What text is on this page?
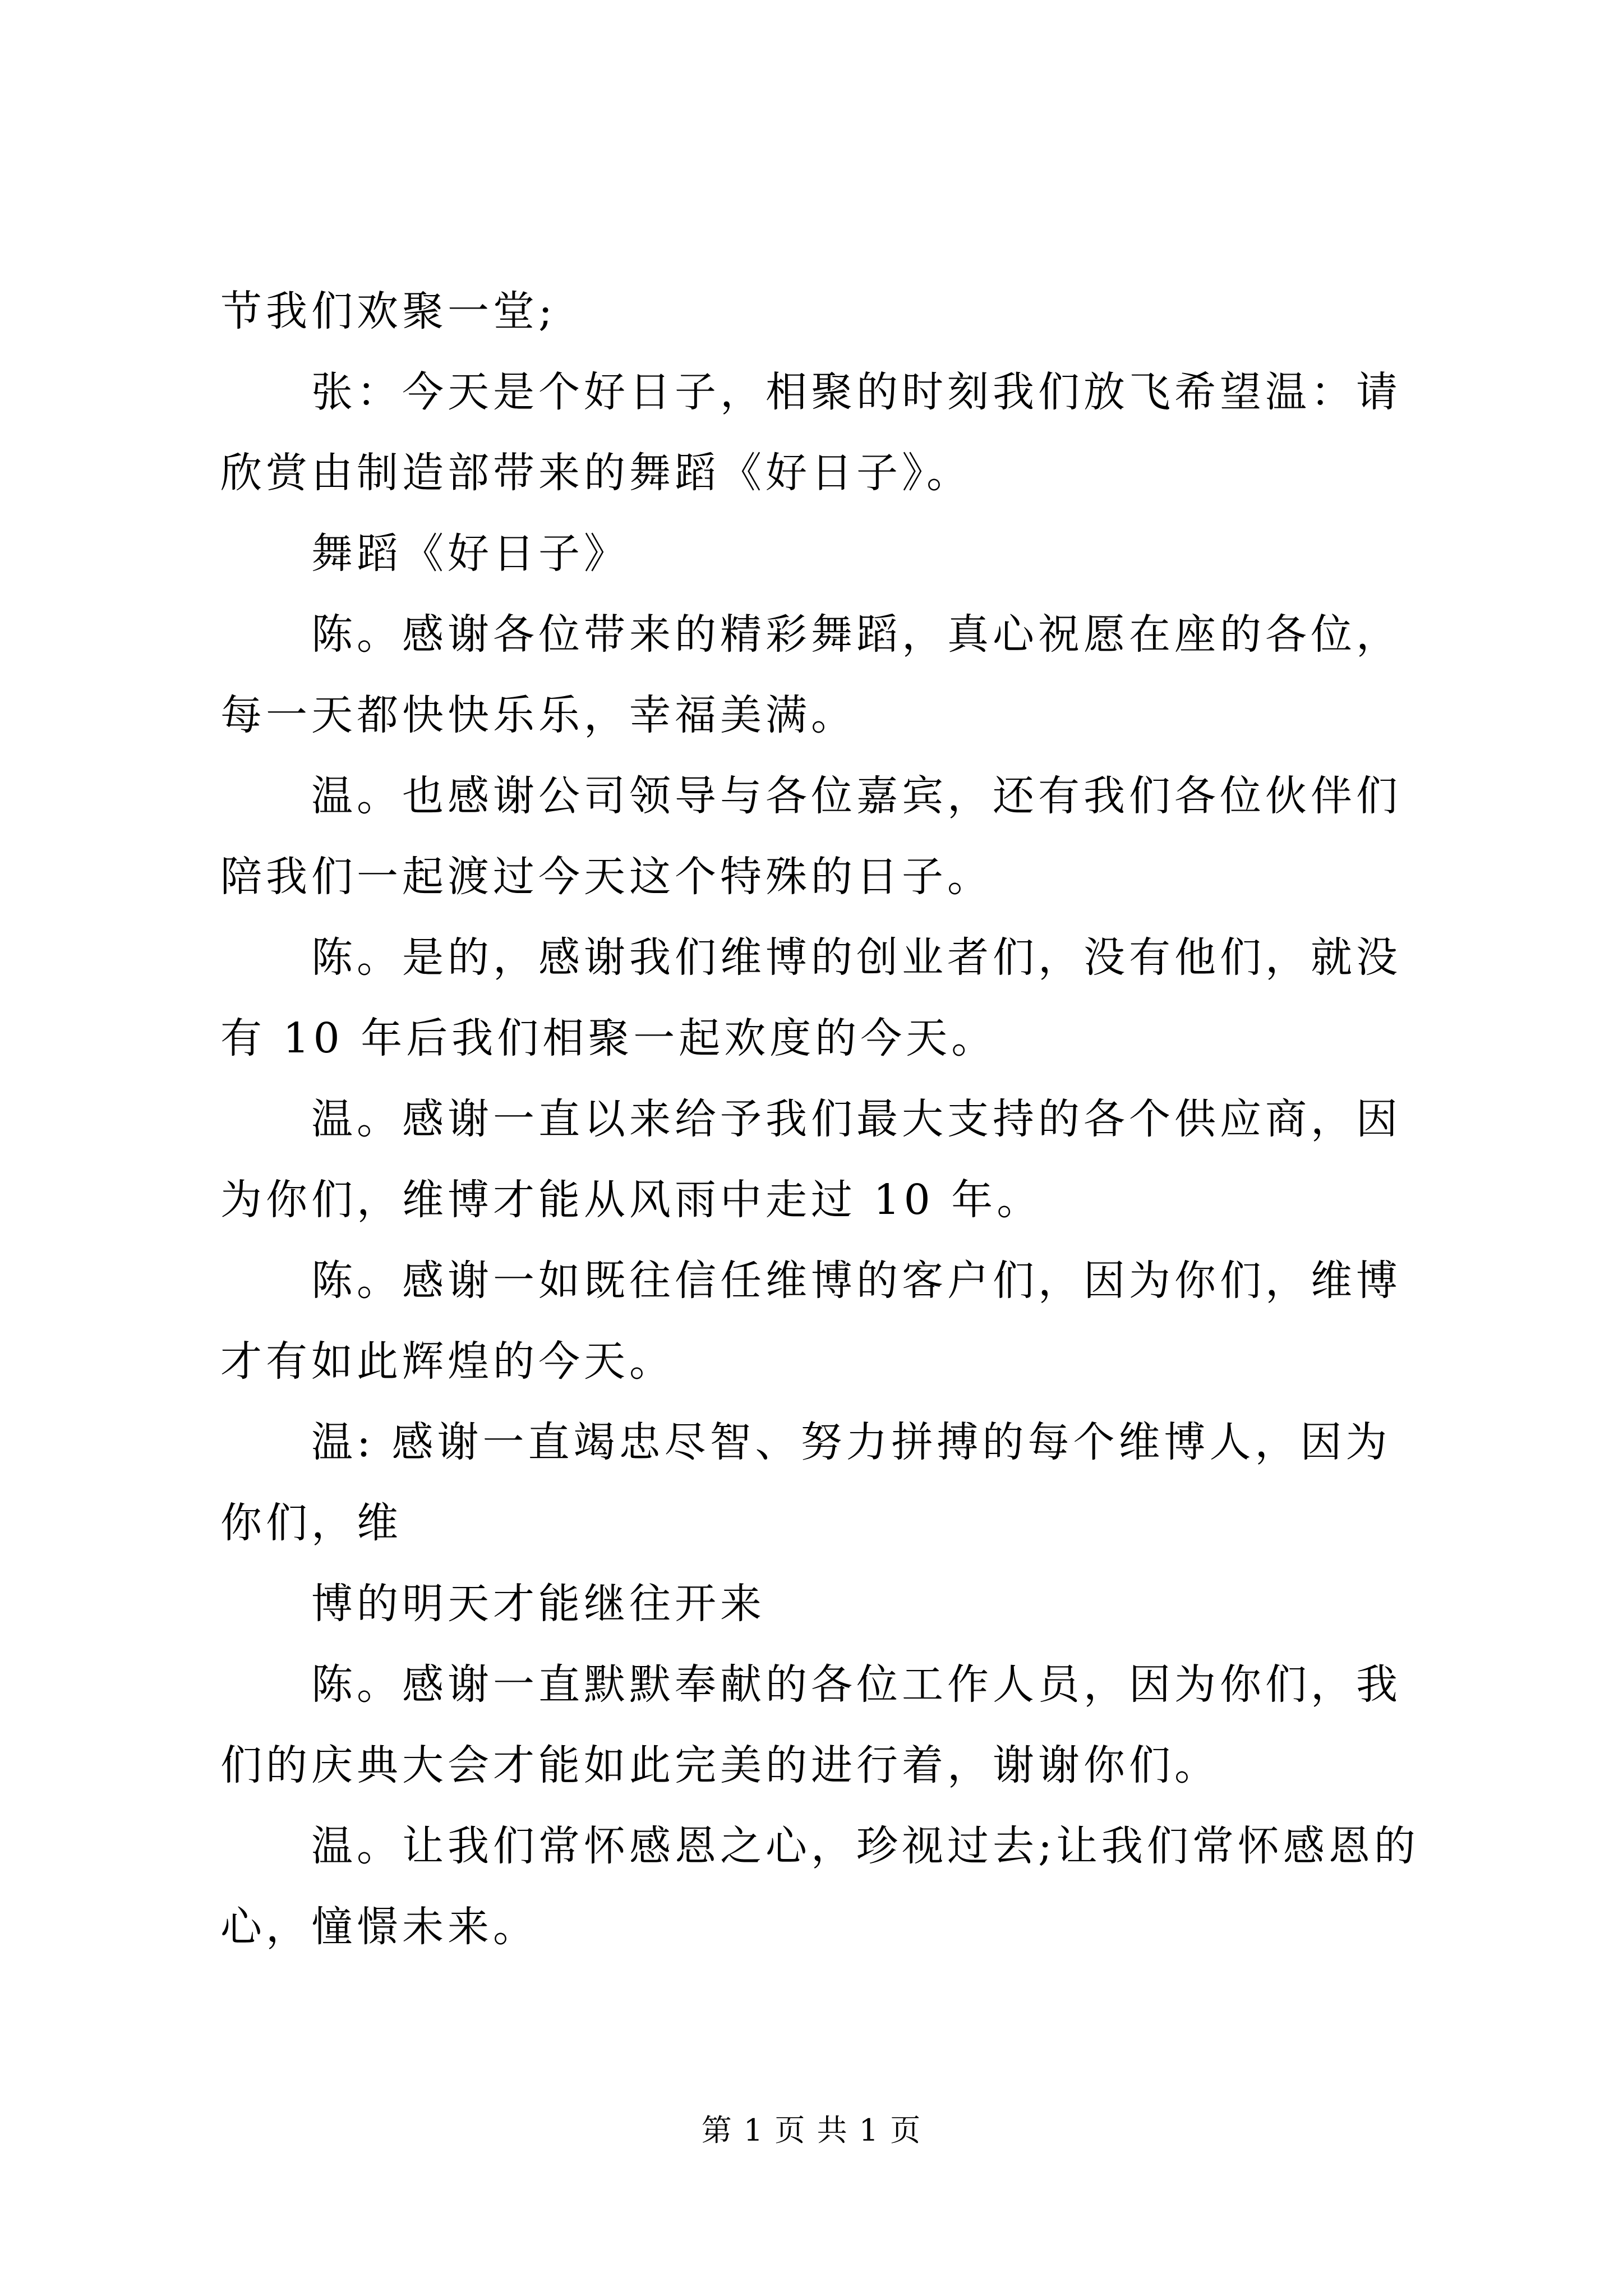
节我们欢聚一堂;

张：今天是个好日子，相聚的时刻我们放飞希望温：请欣赏由制造部带来的舞蹈《好日子》。

舞蹈《好日子》

陈。感谢各位带来的精彩舞蹈，真心祝愿在座的各位，每一天都快快乐乐，幸福美满。

温。也感谢公司领导与各位嘉宾，还有我们各位伙伴们陪我们一起渡过今天这个特殊的日子。

陈。是的，感谢我们维博的创业者们，没有他们，就没有 10 年后我们相聚一起欢度的今天。

温。感谢一直以来给予我们最大支持的各个供应商，因为你们，维博才能从风雨中走过 10 年。

陈。感谢一如既往信任维博的客户们，因为你们，维博才有如此辉煌的今天。

温: 感谢一直竭忠尽智、努力拼搏的每个维博人，因为你们，维

博的明天才能继往开来

陈。感谢一直默默奉献的各位工作人员，因为你们，我们的庆典大会才能如此完美的进行着，谢谢你们。

温。让我们常怀感恩之心，珍视过去;让我们常怀感恩的心，憧憬未来。

第 1 页 共 1 页
